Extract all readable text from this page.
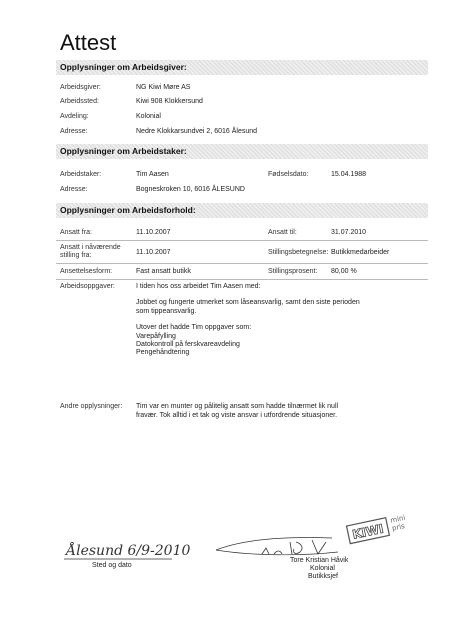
Attest
Opplysninger om Arbeidsgiver:
Arbeidsgiver:	NG Kiwi Møre AS
Arbeidssted:	Kiwi 908 Klokkersund
Avdeling:	Kolonial
Adresse:	Nedre Klokkarsundvei 2, 6016 Ålesund
Opplysninger om Arbeidstaker:
Arbeidstaker:	Tim Aasen	Fødselsdato:	15.04.1988
Adresse:	Bogneskroken 10, 6016 ÅLESUND
Opplysninger om Arbeidsforhold:
Ansatt fra:	11.10.2007	Ansatt til:	31.07.2010
Ansatt i nåværende
stilling fra:	11.10.2007	Stillingsbetegnelse: Butikkmedarbeider
Ansettelsesform:	Fast ansatt butikk	Stillingsprosent: 80,00 %
Arbeidsoppgaver:	I tiden hos oss arbeidet Tim Aasen med:
Jobbet og fungerte utmerket som låseansvarlig, samt den siste perioden
som tippeansvarlig.
Utover det hadde Tim oppgaver som:
Varepåfylling
Datokontroll på ferskvareavdeling
Pengehåndtering
Andre opplysninger: Tim var en munter og pålitelig ansatt som hadde tilnærmet lik null
fravær. Tok alltid i et tak og viste ansvar i utfordrende situasjoner.
Ålesund 6/9-2010
Sted og dato
Tore Kristian Håvik
Kolonial
Butikksjef
KIWI
mini
pris
